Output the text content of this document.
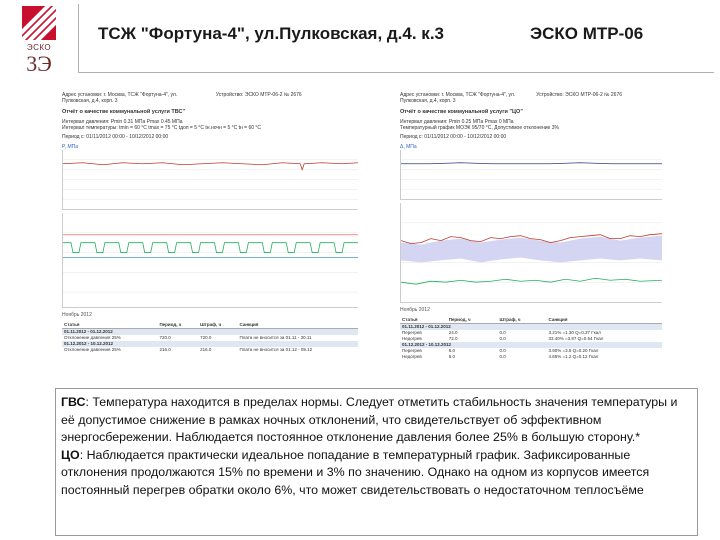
ЭСКО
3Э
ТСЖ "Фортуна-4", ул.Пулковская, д.4. к.3	ЭСКО МТР-06
Адрес установки: г. Москва, ТСЖ "Фортуна-4", ул. Пулковская, д.4, корп. 3
Устройство: ЭСКО МТР-06-2 № 2676
Отчёт о качестве коммунальной услуги ТВС"
Интервал давления: Pmin 0.31 МПа Pmax 0.45 МПа
Интервал температуры: tmin = 60 °C tmax = 75 °C tдоп = 5 °C tн.ночн = 5 °C tн = 60 °C
Период с: 01/11/2012 00:00 - 10/12/2012 00:00
P, МПа
Ноябрь 2012
Статья	Период, ч	Штраф, ч	Санкция
01.11.2012 - 01.12.2012			
Отклонение давления 25%	720.0	720.0	Плата не вносится за 01.11 - 30.11
01.12.2012 - 10.12.2012			
Отклонение давления 25%	216.0	216.0	Плата не вносится за 01.12 - 09.12
Адрес установки: г. Москва, ТСЖ "Фортуна-4", ул. Пулковская, д.4, корп. 3
Устройство: ЭСКО МТР-06-2 № 2676
Отчёт о качестве коммунальной услуги "ЦО"
Интервал давления: Pmin 0.25 МПа Pmax 0 МПа
Температурный график МОЭК 95/70 °C, Допустимое отклонение 3%
Период с: 01/11/2012 00:00 - 10/12/2012 00:00
Δ, МПа
Ноябрь 2012
Статья	Период, ч	Штраф, ч	Санкция
01.11.2012 - 01.12.2012			
Перегрев	24.0	0.0	3.21% =1.30 Q=0.37 Гкал
Недогрев	72.0	0.0	33.40% =3.87 Q=0.54 Гкал
01.12.2012 - 10.12.2012			
Перегрев	6.0	0.0	3.90% =3.5 Q=0.20 Гкал
Недогрев	6.0	0.0	4.65% =1.2 Q=0.12 Гкал
ГВС: Температура находится в пределах нормы. Следует отметить стабильность значения температуры и её допустимое снижение в рамках ночных отклонений, что свидетельствует об эффективном энергосбережении. Наблюдается постоянное отклонение давления более 25% в большую сторону.*
ЦО: Наблюдается практически идеальное попадание в температурный график. Зафиксированные отклонения продолжаются 15% по времени и 3% по значению. Однако на одном из корпусов имеется постоянный перегрев обратки около 6%, что может свидетельствовать о недостаточном теплосъёме
